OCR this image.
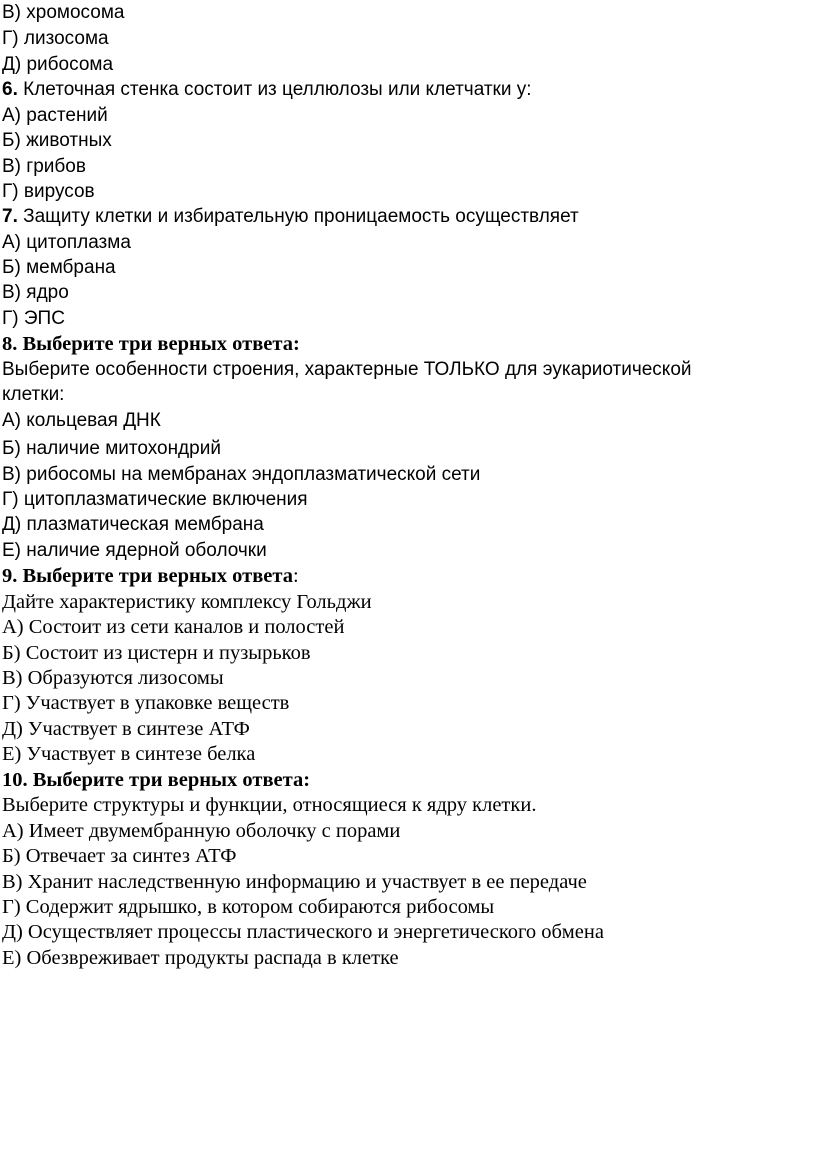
В) хромосома
Г) лизосома
Д) рибосома
6. Клеточная стенка состоит из целлюлозы или клетчатки у:
А) растений
Б) животных
В) грибов
Г) вирусов
7. Защиту клетки и избирательную проницаемость осуществляет
А) цитоплазма
Б) мембрана
В) ядро
Г) ЭПС
8. Выберите три верных ответа:
Выберите особенности строения, характерные ТОЛЬКО для эукариотической
клетки:
А) кольцевая ДНК
Б) наличие митохондрий
В) рибосомы на мембранах эндоплазматической сети
Г) цитоплазматические включения
Д) плазматическая мембрана
Е) наличие ядерной оболочки
9. Выберите три верных ответа:
Дайте характеристику комплексу Гольджи
А) Состоит из сети каналов и полостей
Б) Состоит из цистерн и пузырьков
В) Образуются лизосомы
Г) Участвует в упаковке веществ
Д) Участвует в синтезе АТФ
Е) Участвует в синтезе белка
10. Выберите три верных ответа:
Выберите структуры и функции, относящиеся к ядру клетки.
А) Имеет двумембранную оболочку с порами
Б) Отвечает за синтез АТФ
В) Хранит наследственную информацию и участвует в ее передаче
Г) Содержит ядрышко, в котором собираются рибосомы
Д) Осуществляет процессы пластического и энергетического обмена
Е) Обезвреживает продукты распада в клетке
